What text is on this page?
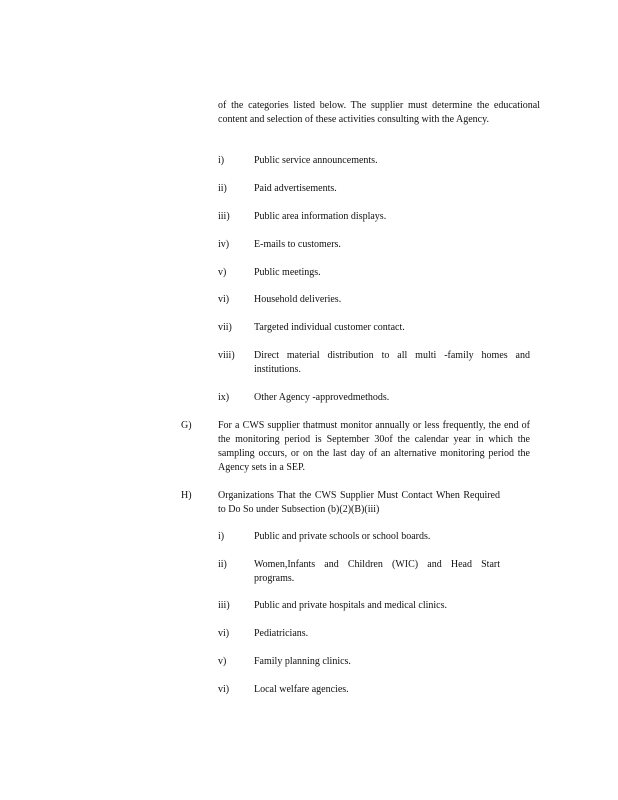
of the categories listed below. The supplier must determine the educational content and selection of these activities consulting with the Agency.
i)	Public service announcements.
ii)	Paid advertisements.
iii) Public area information displays.
iv) E-mails to customers.
v)	Public meetings.
vi) Household deliveries.
vii) Targeted individual customer contact.
viii) Direct material distribution to all multi -family homes and institutions.
ix) Other Agency -approvedmethods.
G)	For a CWS supplier thatmust monitor annually or less frequently, the end of the monitoring period is September 30of the calendar year in which the sampling occurs, or on the last day of an alternative monitoring period the Agency sets in a SEP.
H)	Organizations That the CWS Supplier Must Contact When Required to Do So under Subsection (b)(2)(B)(iii)
i)	Public and private schools or school boards.
ii)	Women,Infants and Children (WIC) and Head Start programs.
iii) Public and private hospitals and medical clinics.
vi) Pediatricians.
v)	Family planning clinics.
vi) Local welfare agencies.
